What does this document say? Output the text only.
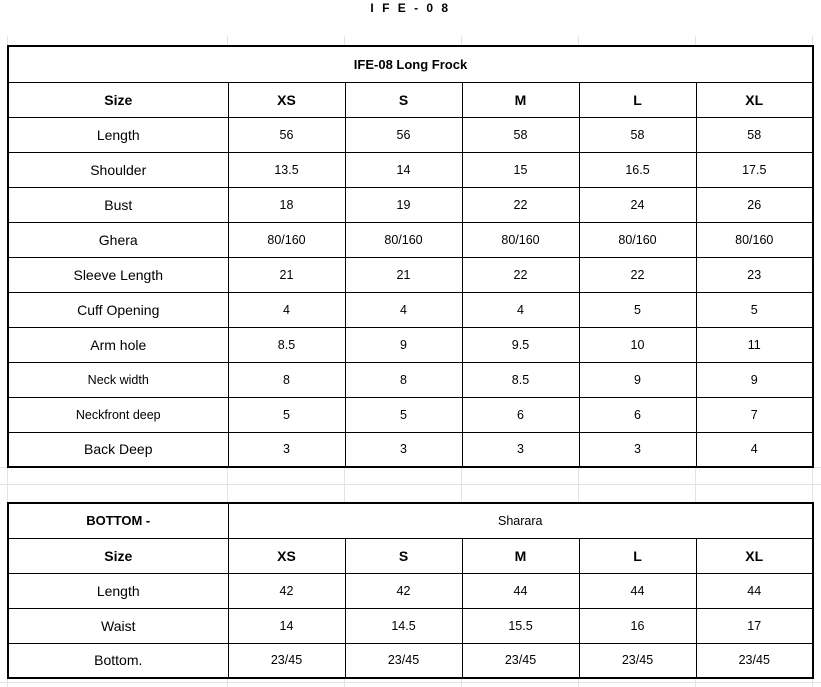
I F E - 0 8
IFE-08 Long Frock					
Size	XS	S	M	L	XL
Length	56	56	58	58	58
Shoulder	13.5	14	15	16.5	17.5
Bust	18	19	22	24	26
Ghera	80/160	80/160	80/160	80/160	80/160
Sleeve Length	21	21	22	22	23
Cuff Opening	4	4	4	5	5
Arm hole	8.5	9	9.5	10	11
Neck width	8	8	8.5	9	9
Neckfront deep	5	5	6	6	7
Back Deep	3	3	3	3	4
BOTTOM -	Sharara				
Size	XS	S	M	L	XL
Length	42	42	44	44	44
Waist	14	14.5	15.5	16	17
Bottom.	23/45	23/45	23/45	23/45	23/45
